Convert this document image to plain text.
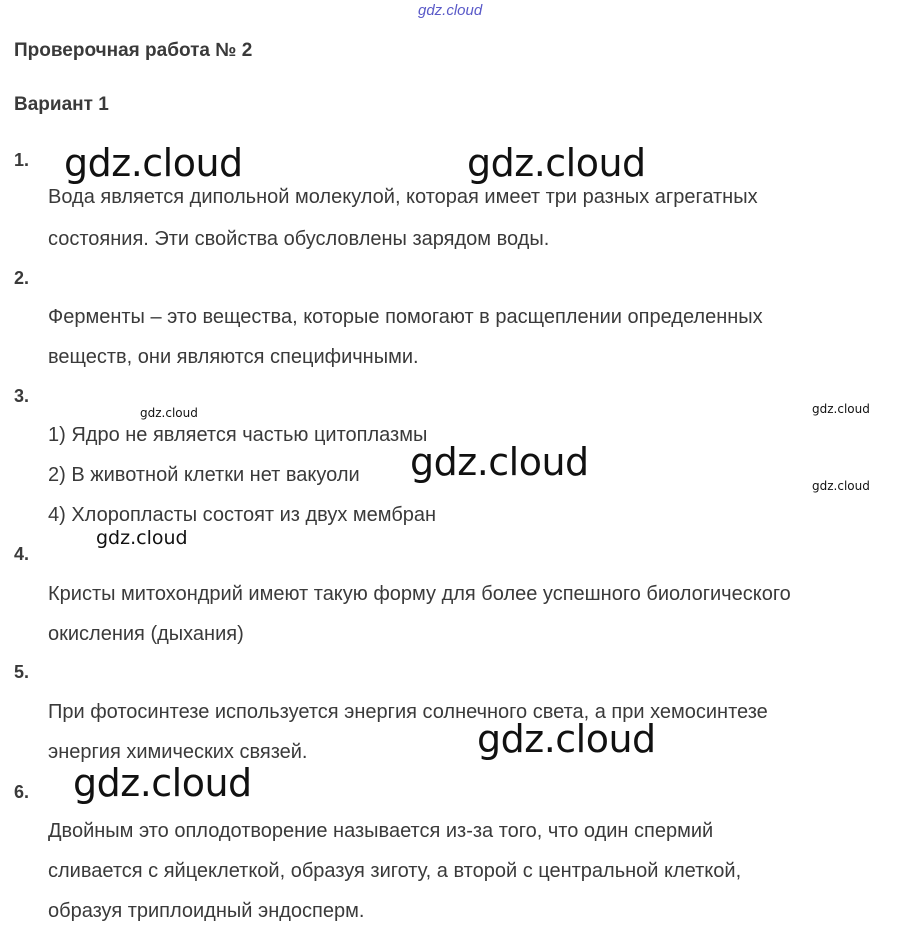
gdz.cloud
Проверочная работа № 2
Вариант 1
1.
Вода является дипольной молекулой, которая имеет три разных агрегатных
состояния. Эти свойства обусловлены зарядом воды.
2.
Ферменты – это вещества, которые помогают в расщеплении определенных
веществ, они являются специфичными.
3.
1) Ядро не является частью цитоплазмы
2) В животной клетки нет вакуоли
4) Хлоропласты состоят из двух мембран
4.
Кристы митохондрий имеют такую форму для более успешного биологического
окисления (дыхания)
5.
При фотосинтезе используется энергия солнечного света, а при хемосинтезе
энергия химических связей.
6.
Двойным это оплодотворение называется из-за того, что один спермий
сливается с яйцеклеткой, образуя зиготу, а второй с центральной клеткой,
образуя триплоидный эндосперм.
gdz.cloud	gdz.cloud
gdz.cloud	gdz.cloud
gdz.cloud
gdz.cloud
gdz.cloud
gdz.cloud
gdz.cloud
